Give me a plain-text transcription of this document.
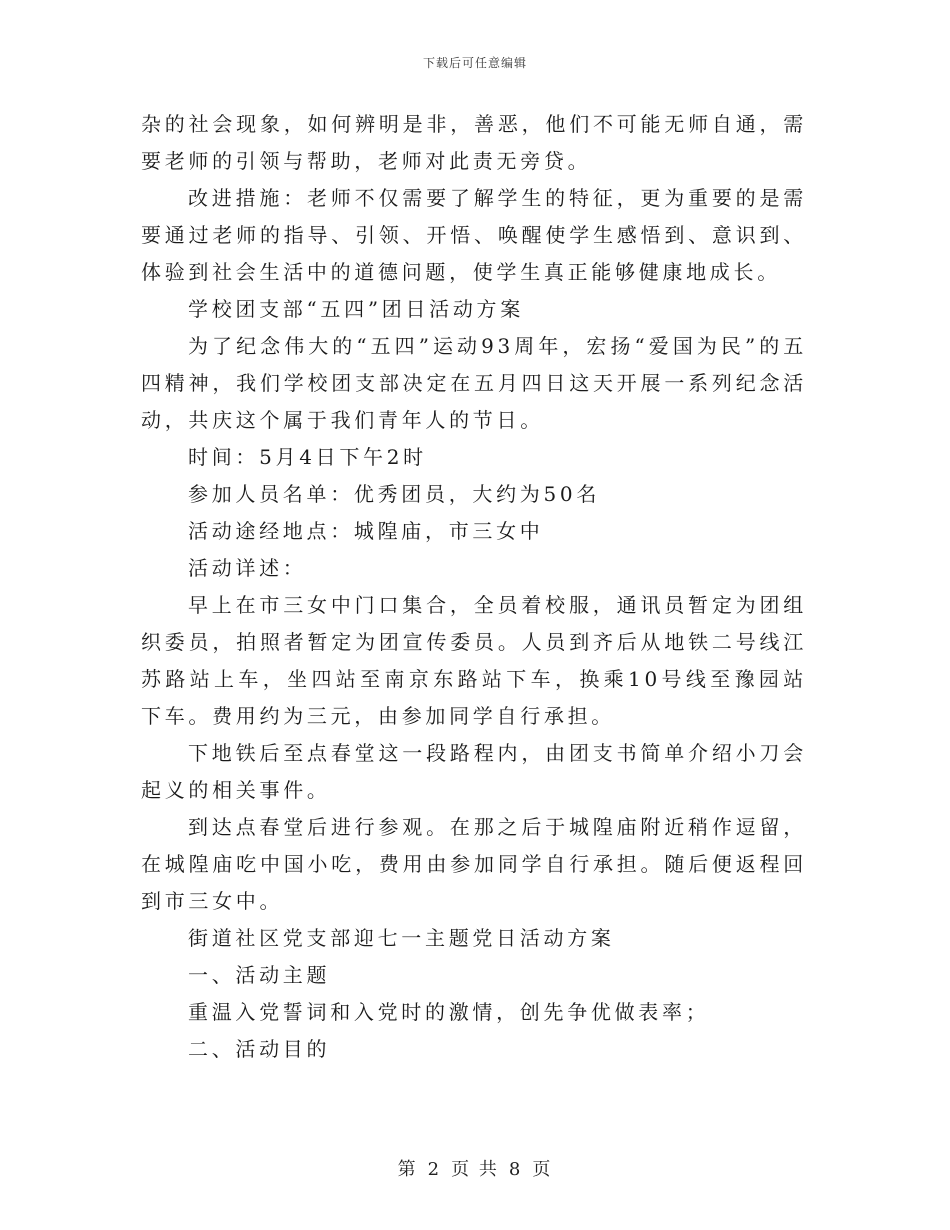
下载后可任意编辑

杂的社会现象，如何辨明是非，善恶，他们不可能无师自通，需要老师的引领与帮助，老师对此责无旁贷。

改进措施：老师不仅需要了解学生的特征，更为重要的是需要通过老师的指导、引领、开悟、唤醒使学生感悟到、意识到、体验到社会生活中的道德问题，使学生真正能够健康地成长。

学校团支部“五四”团日活动方案

为了纪念伟大的“五四”运动93周年，宏扬“爱国为民”的五四精神，我们学校团支部决定在五月四日这天开展一系列纪念活动，共庆这个属于我们青年人的节日。

时间：5月4日下午2时

参加人员名单：优秀团员，大约为50名

活动途经地点：城隍庙，市三女中

活动详述：

早上在市三女中门口集合，全员着校服，通讯员暂定为团组织委员，拍照者暂定为团宣传委员。人员到齐后从地铁二号线江苏路站上车，坐四站至南京东路站下车，换乘10号线至豫园站下车。费用约为三元，由参加同学自行承担。

下地铁后至点春堂这一段路程内，由团支书简单介绍小刀会起义的相关事件。

到达点春堂后进行参观。在那之后于城隍庙附近稍作逗留，在城隍庙吃中国小吃，费用由参加同学自行承担。随后便返程回到市三女中。

街道社区党支部迎七一主题党日活动方案

一、活动主题

重温入党誓词和入党时的激情，创先争优做表率；

二、活动目的

第 2 页 共 8 页
